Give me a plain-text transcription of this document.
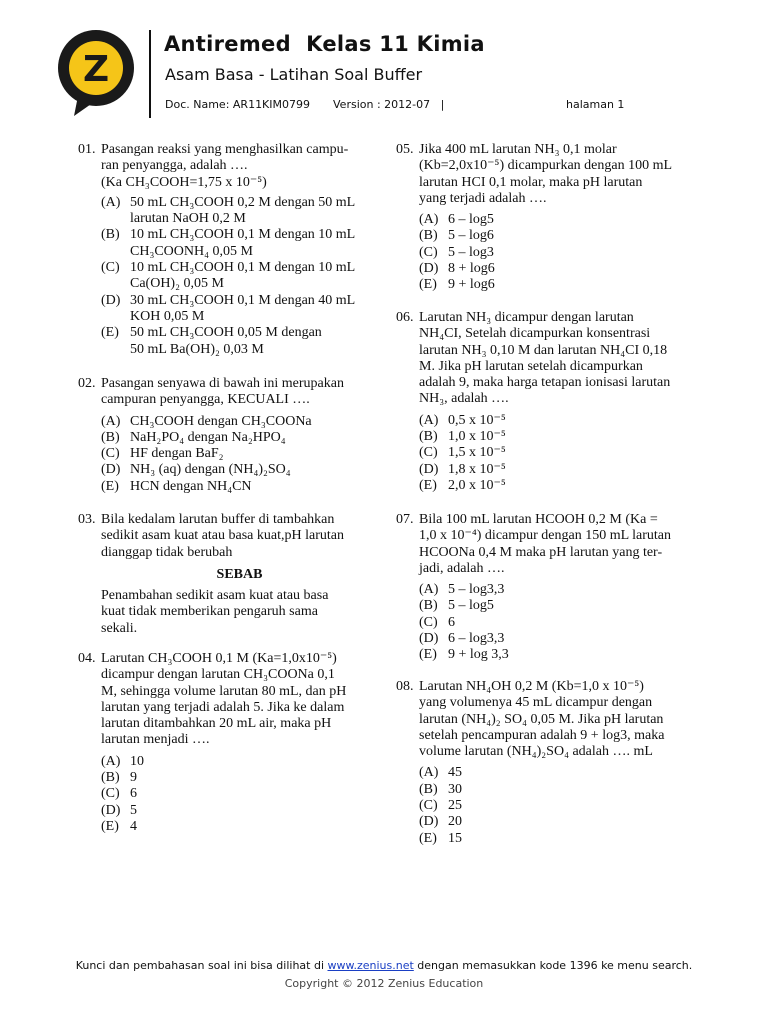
Z
Antiremed  Kelas 11 Kimia
Asam Basa - Latihan Soal Buffer
Doc. Name: AR11KIM0799 Version : 2012-07   |	halaman 1
01. Pasangan reaksi yang menghasilkan campu-
ran penyangga, adalah ….
(Ka CH₃COOH=1,75 x 10⁻⁵)
(A) 50 mL CH₃COOH 0,2 M dengan 50 mL
larutan NaOH 0,2 M
(B) 10 mL CH₃COOH 0,1 M dengan 10 mL
CH₃COONH₄ 0,05 M
(C) 10 mL CH₃COOH 0,1 M dengan 10 mL
Ca(OH)₂ 0,05 M
(D) 30 mL CH₃COOH 0,1 M dengan 40 mL
KOH 0,05 M
(E) 50 mL CH₃COOH 0,05 M dengan
50 mL Ba(OH)₂ 0,03 M
02. Pasangan senyawa di bawah ini merupakan
campuran penyangga, KECUALI ….
(A) CH₃COOH dengan CH₃COONa
(B) NaH₂PO₄ dengan Na₂HPO₄
(C) HF dengan BaF₂
(D) NH₃ (aq) dengan (NH₄)₂SO₄
(E) HCN dengan NH₄CN
03. Bila kedalam larutan buffer di tambahkan
sedikit asam kuat atau basa kuat,pH larutan
dianggap tidak berubah
SEBAB
Penambahan sedikit asam kuat atau basa
kuat tidak memberikan pengaruh sama
sekali.
04. Larutan CH₃COOH 0,1 M (Ka=1,0x10⁻⁵)
dicampur dengan larutan CH₃COONa 0,1
M, sehingga volume larutan 80 mL, dan pH
larutan yang terjadi adalah 5. Jika ke dalam
larutan ditambahkan 20 mL air, maka pH
larutan menjadi ….
(A) 10
(B) 9
(C) 6
(D) 5
(E) 4
05. Jika 400 mL larutan NH₃ 0,1 molar
(Kb=2,0x10⁻⁵) dicampurkan dengan 100 mL
larutan HCI 0,1 molar, maka pH larutan
yang terjadi adalah ….
(A) 6 – log5
(B) 5 – log6
(C) 5 – log3
(D) 8 + log6
(E) 9 + log6
06. Larutan NH₃ dicampur dengan larutan
NH₄CI, Setelah dicampurkan konsentrasi
larutan NH₃ 0,10 M dan larutan NH₄CI 0,18
M. Jika pH larutan setelah dicampurkan
adalah 9, maka harga tetapan ionisasi larutan
NH₃, adalah ….
(A) 0,5 x 10⁻⁵
(B) 1,0 x 10⁻⁵
(C) 1,5 x 10⁻⁵
(D) 1,8 x 10⁻⁵
(E) 2,0 x 10⁻⁵
07. Bila 100 mL larutan HCOOH 0,2 M (Ka =
1,0 x 10⁻⁴) dicampur dengan 150 mL larutan
HCOONa 0,4 M maka pH larutan yang ter-
jadi, adalah ….
(A) 5 – log3,3
(B) 5 – log5
(C) 6
(D) 6 – log3,3
(E) 9 + log 3,3
08. Larutan NH₄OH 0,2 M (Kb=1,0 x 10⁻⁵)
yang volumenya 45 mL dicampur dengan
larutan (NH₄)₂ SO₄ 0,05 M. Jika pH larutan
setelah pencampuran adalah 9 + log3, maka
volume larutan (NH₄)₂SO₄ adalah …. mL
(A) 45
(B) 30
(C) 25
(D) 20
(E) 15
Kunci dan pembahasan soal ini bisa dilihat di www.zenius.net dengan memasukkan kode 1396 ke menu search.
Copyright © 2012 Zenius Education
